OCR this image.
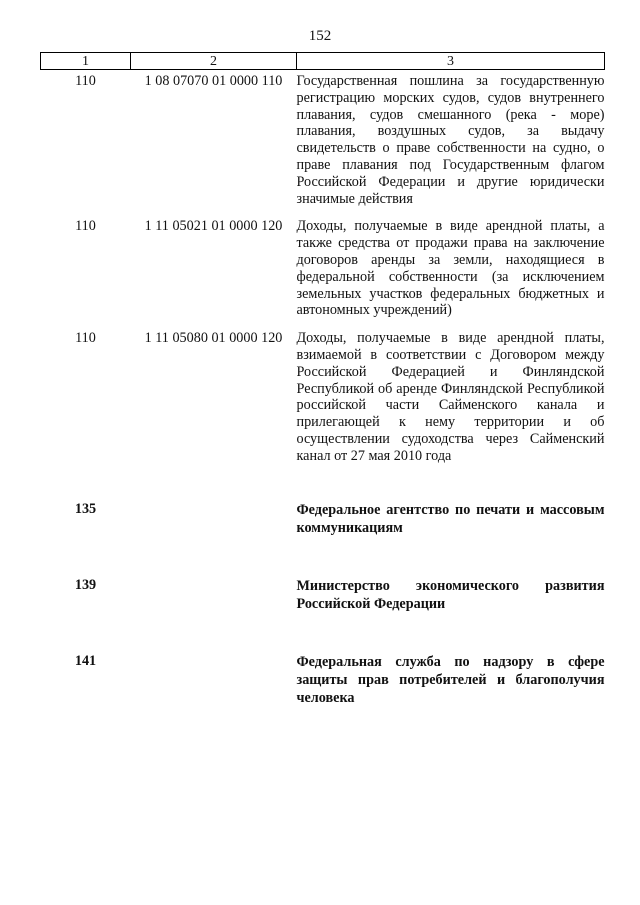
152
1	2	3
110	1 08 07070 01 0000 110	Государственная пошлина за государственную регистрацию морских судов, судов внутреннего плавания, судов смешанного (река - море) плавания, воздушных судов, за выдачу свидетельств о праве собственности на судно, о праве плавания под Государственным флагом Российской Федерации и другие юридически значимые действия
110	1 11 05021 01 0000 120	Доходы, получаемые в виде арендной платы, а также средства от продажи права на заключение договоров аренды за земли, находящиеся в федеральной собственности (за исключением земельных участков федеральных бюджетных и автономных учреждений)
110	1 11 05080 01 0000 120	Доходы, получаемые в виде арендной платы, взимаемой в соответствии с Договором между Российской Федерацией и Финляндской Республикой об аренде Финляндской Республикой российской части Сайменского канала и прилегающей к нему территории и об осуществлении судоходства через Сайменский канал от 27 мая 2010 года
135		Федеральное агентство по печати и массовым коммуникациям
139		Министерство экономического развития Российской Федерации
141		Федеральная служба по надзору в сфере защиты прав потребителей и благополучия человека
